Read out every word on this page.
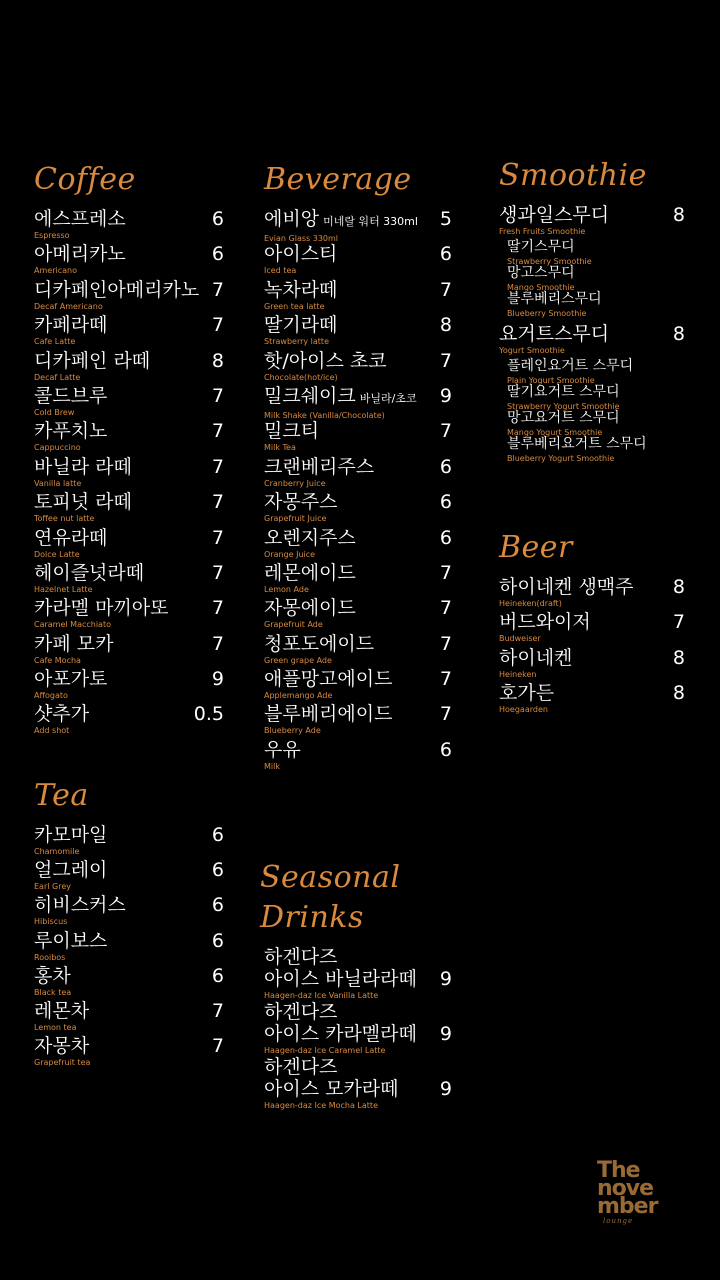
Coffee
에스프레소
Espresso
6
아메리카노
Americano
6
디카페인아메리카노
Decaf Americano
7
카페라떼
Cafe Latte
7
디카페인 라떼
Decaf Latte
8
콜드브루
Cold Brew
7
카푸치노
Cappuccino
7
바닐라 라떼
Vanilla latte
7
토피넛 라떼
Toffee nut latte
7
연유라떼
Dolce Latte
7
헤이즐넛라떼
Hazelnet Latte
7
카라멜 마끼아또
Caramel Macchiato
7
카페 모카
Cafe Mocha
7
아포가토
Affogato
9
샷추가
Add shot
0.5
Tea
카모마일
Chamomile
6
얼그레이
Earl Grey
6
히비스커스
Hibiscus
6
루이보스
Rooibos
6
홍차
Black tea
6
레몬차
Lemon tea
7
자몽차
Grapefruit tea
7
Beverage
에비앙 미네랄 워터 330ml
Evian Glass 330ml
5
아이스티
Iced tea
6
녹차라떼
Green tea latte
7
딸기라떼
Strawberry latte
8
핫/아이스 초코
Chocolate(hot/ice)
7
밀크쉐이크 바닐라/초코
Milk Shake (Vanilla/Chocolate)
9
밀크티
Milk Tea
7
크랜베리주스
Cranberry Juice
6
자몽주스
Grapefruit Juice
6
오렌지주스
Orange Juice
6
레몬에이드
Lemon Ade
7
자몽에이드
Grapefruit Ade
7
청포도에이드
Green grape Ade
7
애플망고에이드
Applemango Ade
7
블루베리에이드
Blueberry Ade
7
우유
Milk
6
Seasonal Drinks
하겐다즈
아이스 바닐라라떼
Haagen-daz Ice Vanilla Latte
9
하겐다즈
아이스 카라멜라떼
Haagen-daz Ice Caramel Latte
9
하겐다즈
아이스 모카라떼
Haagen-daz Ice Mocha Latte
9
Smoothie
생과일스무디
Fresh Fruits Smoothie
8
딸기스무디
Strawberry Smoothie
망고스무디
Mango Smoothie
블루베리스무디
Blueberry Smoothie
요거트스무디
Yogurt Smoothie
8
플레인요거트 스무디
Plain Yogurt Smoothie
딸기요거트 스무디
Strawberry Yogurt Smoothie
망고요거트 스무디
Mango Yogurt Smoothie
블루베리요거트 스무디
Blueberry Yogurt Smoothie
Beer
하이네켄 생맥주
Heineken(draft)
8
버드와이저
Budweiser
7
하이네켄
Heineken
8
호가든
Hoegaarden
8
The
nove
mber
lounge
